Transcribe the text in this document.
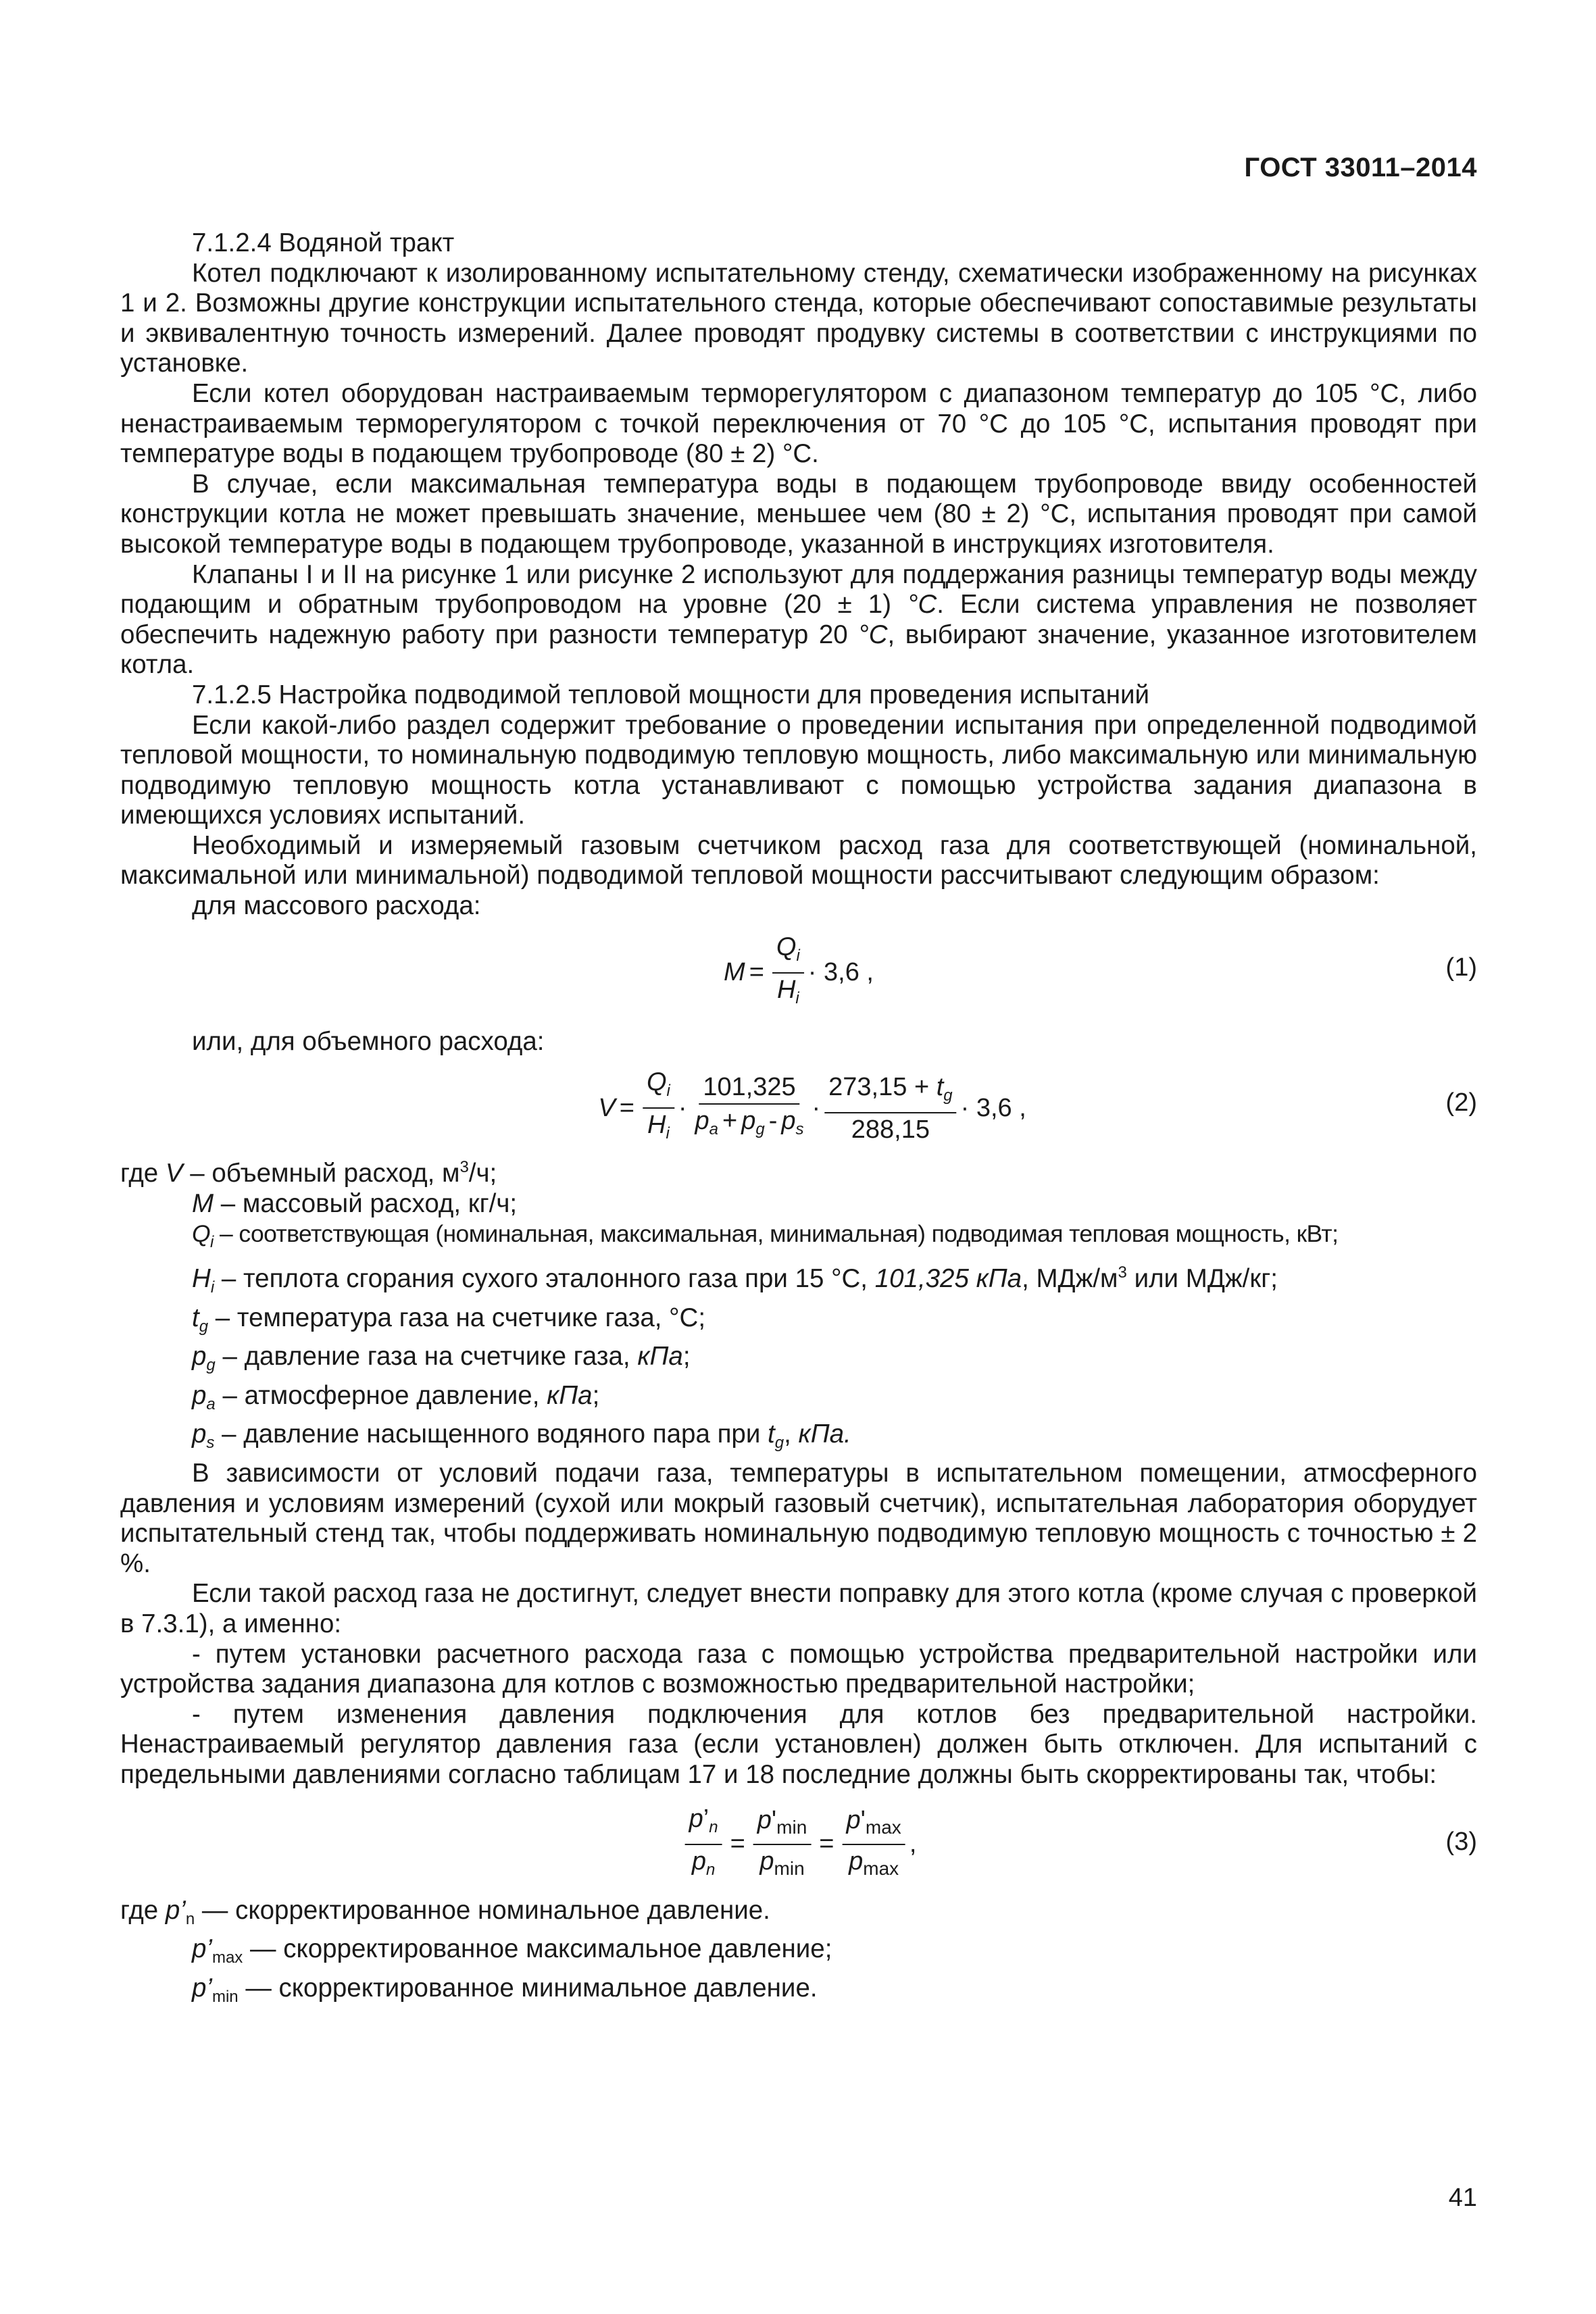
ГОСТ 33011–2014

7.1.2.4 Водяной тракт

Котел подключают к изолированному испытательному стенду, схематически изображенному на рисунках 1 и 2. Возможны другие конструкции испытательного стенда, которые обеспечивают сопоставимые результаты и эквивалентную точность измерений. Далее проводят продувку системы в соответствии с инструкциями по установке.

Если котел оборудован настраиваемым терморегулятором с диапазоном температур до 105 °С, либо ненастраиваемым терморегулятором с точкой переключения от 70 °С до 105 °С, испытания проводят при температуре воды в подающем трубопроводе (80 ± 2) °С.

В случае, если максимальная температура воды в подающем трубопроводе ввиду особенностей конструкции котла не может превышать значение, меньшее чем (80 ± 2) °С, испытания проводят при самой высокой температуре воды в подающем трубопроводе, указанной в инструкциях изготовителя.

Клапаны I и II на рисунке 1 или рисунке 2 используют для поддержания разницы температур воды между подающим и обратным трубопроводом на уровне (20 ± 1) °С. Если система управления не позволяет обеспечить надежную работу при разности температур 20 °С, выбирают значение, указанное изготовителем котла.

7.1.2.5 Настройка подводимой тепловой мощности для проведения испытаний

Если какой-либо раздел содержит требование о проведении испытания при определенной подводимой тепловой мощности, то номинальную подводимую тепловую мощность, либо максимальную или минимальную подводимую тепловую мощность котла устанавливают с помощью устройства задания диапазона в имеющихся условиях испытаний.

Необходимый и измеряемый газовым счетчиком расход газа для соответствующей (номинальной, максимальной или минимальной) подводимой тепловой мощности рассчитывают следующим образом:

для массового расхода:

$M = \frac{Q_i}{H_i} \cdot 3,6$ ,	(1)

или, для объемного расхода:

$V = \frac{Q_i}{H_i} \cdot \frac{101,325}{p_a + p_g - p_s} \cdot \frac{273,15 + t_g}{288,15} \cdot 3,6$ ,	(2)

где V – объемный расход, $м^3/ч$;

M – массовый расход, кг/ч;

$Q_i$ – соответствующая (номинальная, максимальная, минимальная) подводимая тепловая мощность, кВт;

$H_i$ – теплота сгорания сухого эталонного газа при 15 °С, 101,325 кПа, МДж/$м^3$ или МДж/кг;

$t_g$ – температура газа на счетчике газа, °С;

$p_g$ – давление газа на счетчике газа, кПа;

$p_a$ – атмосферное давление, кПа;

$p_s$ – давление насыщенного водяного пара при $t_g$, кПа.

В зависимости от условий подачи газа, температуры в испытательном помещении, атмосферного давления и условиям измерений (сухой или мокрый газовый счетчик), испытательная лаборатория оборудует испытательный стенд так, чтобы поддерживать номинальную подводимую тепловую мощность с точностью ± 2 %.

Если такой расход газа не достигнут, следует внести поправку для этого котла (кроме случая с проверкой в 7.3.1), а именно:

- путем установки расчетного расхода газа с помощью устройства предварительной настройки или устройства задания диапазона для котлов с возможностью предварительной настройки;

- путем изменения давления подключения для котлов без предварительной настройки. Ненастраиваемый регулятор давления газа (если установлен) должен быть отключен. Для испытаний с предельными давлениями согласно таблицам 17 и 18 последние должны быть скорректированы так, чтобы:

$\frac{p’_n}{p_n} = \frac{p'_{min}}{p_{min}} = \frac{p'_{max}}{p_{max}}$ ,	(3)

где $p’_n$ — скорректированное номинальное давление.

$p’_{max}$ — скорректированное максимальное давление;

$p’_{min}$ — скорректированное минимальное давление.

41
